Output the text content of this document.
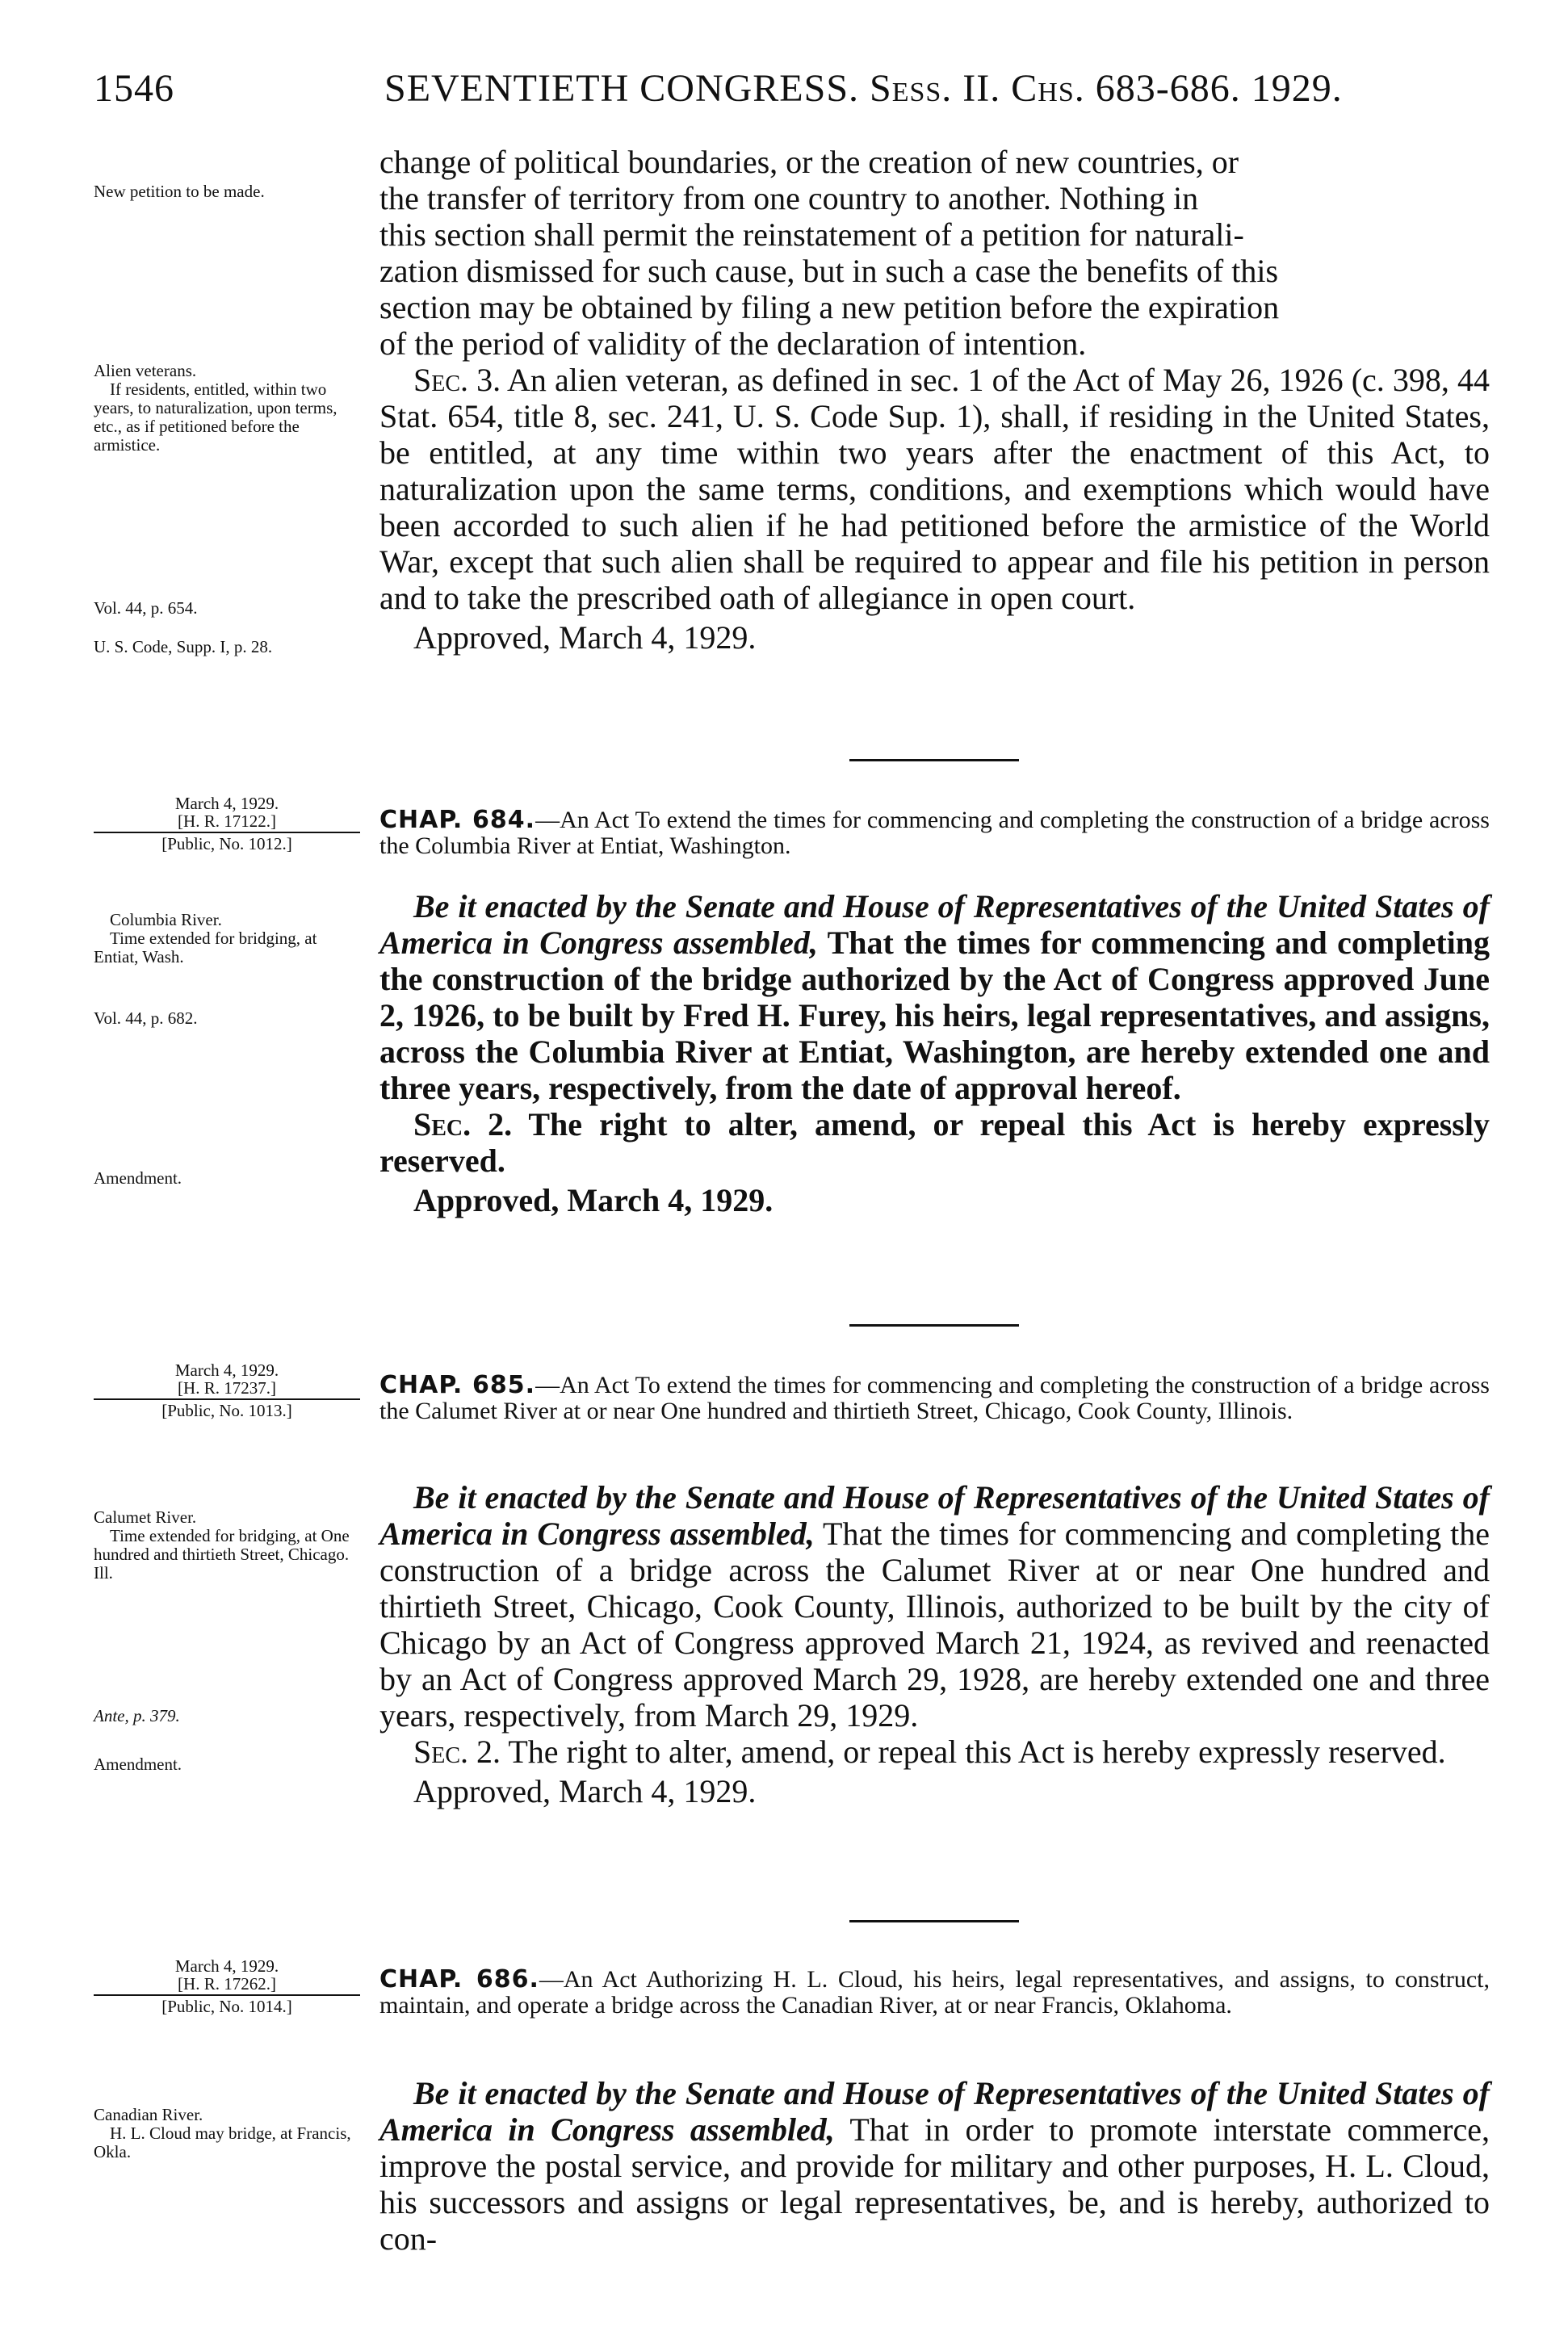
1546	SEVENTIETH CONGRESS. Sess. II. Chs. 683-686. 1929.

change of political boundaries, or the creation of new countries, or

the transfer of territory from one country to another. Nothing in

this section shall permit the reinstatement of a petition for naturali-

zation dismissed for such cause, but in such a case the benefits of this

section may be obtained by filing a new petition before the expiration

of the period of validity of the declaration of intention.

Sec. 3. An alien veteran, as defined in sec. 1 of the Act of May 26, 1926 (c. 398, 44 Stat. 654, title 8, sec. 241, U. S. Code Sup. 1), shall, if residing in the United States, be entitled, at any time within two years after the enactment of this Act, to naturalization upon the same terms, conditions, and exemptions which would have been accorded to such alien if he had petitioned before the armistice of the World War, except that such alien shall be required to appear and file his petition in person and to take the prescribed oath of allegiance in open court.

Approved, March 4, 1929.

New petition to be made.
Alien veterans.
If residents, entitled, within two years, to naturalization, upon terms, etc., as if petitioned before the armistice.
Vol. 44, p. 654.
U. S. Code, Supp. I, p. 28.
March 4, 1929.
[H. R. 17122.]
[Public, No. 1012.]
CHAP. 684.—An Act To extend the times for commencing and completing the construction of a bridge across the Columbia River at Entiat, Washington.

Be it enacted by the Senate and House of Representatives of the United States of America in Congress assembled, That the times for commencing and completing the construction of the bridge authorized by the Act of Congress approved June 2, 1926, to be built by Fred H. Furey, his heirs, legal representatives, and assigns, across the Columbia River at Entiat, Washington, are hereby extended one and three years, respectively, from the date of approval hereof.

Sec. 2. The right to alter, amend, or repeal this Act is hereby expressly reserved.

Approved, March 4, 1929.

Columbia River.
Time extended for bridging, at Entiat, Wash.
Vol. 44, p. 682.
Amendment.
March 4, 1929.
[H. R. 17237.]
[Public, No. 1013.]
CHAP. 685.—An Act To extend the times for commencing and completing the construction of a bridge across the Calumet River at or near One hundred and thirtieth Street, Chicago, Cook County, Illinois.

Be it enacted by the Senate and House of Representatives of the United States of America in Congress assembled, That the times for commencing and completing the construction of a bridge across the Calumet River at or near One hundred and thirtieth Street, Chicago, Cook County, Illinois, authorized to be built by the city of Chicago by an Act of Congress approved March 21, 1924, as revived and reenacted by an Act of Congress approved March 29, 1928, are hereby extended one and three years, respectively, from March 29, 1929.

Sec. 2. The right to alter, amend, or repeal this Act is hereby expressly reserved.

Approved, March 4, 1929.

Calumet River.
Time extended for bridging, at One hundred and thirtieth Street, Chicago. Ill.
Ante, p. 379.
Amendment.
March 4, 1929.
[H. R. 17262.]
[Public, No. 1014.]
CHAP. 686.—An Act Authorizing H. L. Cloud, his heirs, legal representatives, and assigns, to construct, maintain, and operate a bridge across the Canadian River, at or near Francis, Oklahoma.

Be it enacted by the Senate and House of Representatives of the United States of America in Congress assembled, That in order to promote interstate commerce, improve the postal service, and provide for military and other purposes, H. L. Cloud, his successors and assigns or legal representatives, be, and is hereby, authorized to con-

Canadian River.
H. L. Cloud may bridge, at Francis, Okla.
